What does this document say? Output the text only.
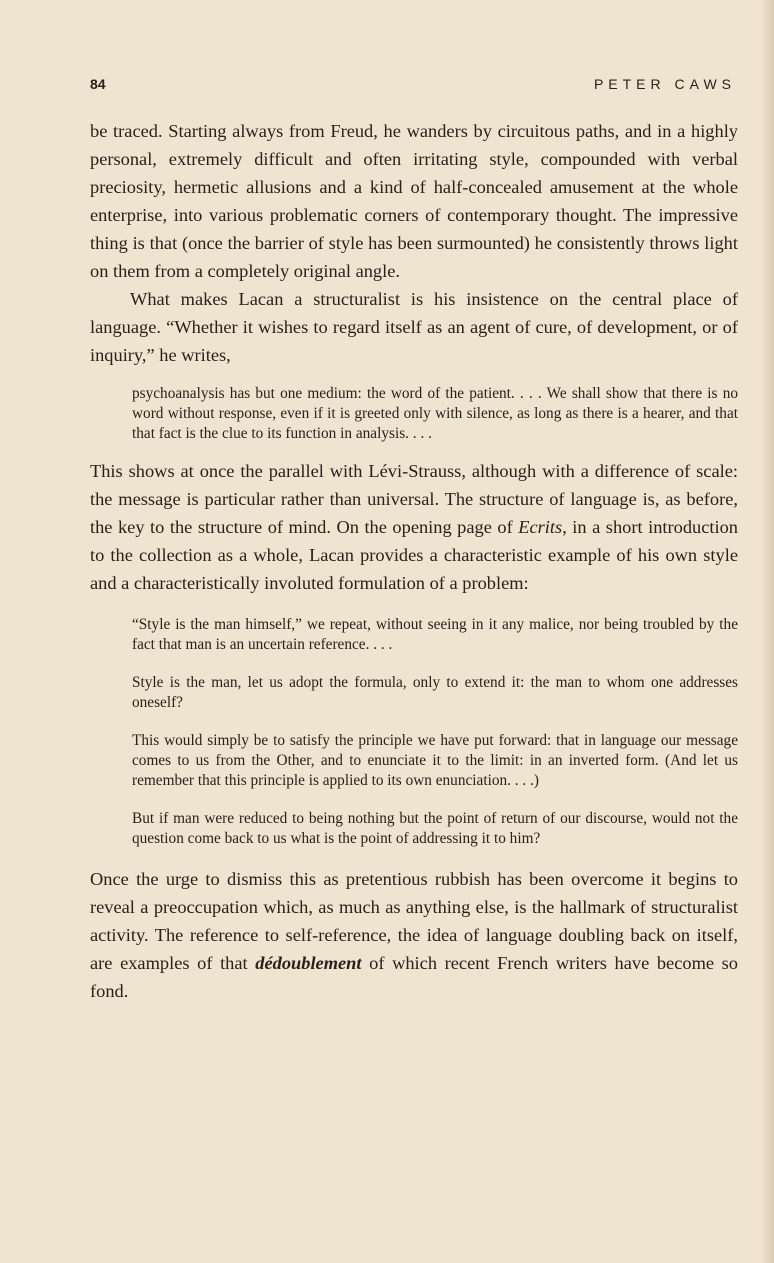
84	PETER CAWS

be traced. Starting always from Freud, he wanders by circuitous paths, and in a highly personal, extremely difficult and often irritating style, compounded with verbal preciosity, hermetic allusions and a kind of half-concealed amusement at the whole enterprise, into various problematic corners of contemporary thought. The impressive thing is that (once the barrier of style has been surmounted) he consistently throws light on them from a completely original angle.

What makes Lacan a structuralist is his insistence on the central place of language. “Whether it wishes to regard itself as an agent of cure, of development, or of inquiry,” he writes,

psychoanalysis has but one medium: the word of the patient. . . . We shall show that there is no word without response, even if it is greeted only with silence, as long as there is a hearer, and that that fact is the clue to its function in analysis. . . .

This shows at once the parallel with Lévi-Strauss, although with a difference of scale: the message is particular rather than universal. The structure of language is, as before, the key to the structure of mind. On the opening page of Ecrits, in a short introduction to the collection as a whole, Lacan provides a characteristic example of his own style and a characteristically involuted formulation of a problem:

“Style is the man himself,” we repeat, without seeing in it any malice, nor being troubled by the fact that man is an uncertain reference. . . .

Style is the man, let us adopt the formula, only to extend it: the man to whom one addresses oneself?

This would simply be to satisfy the principle we have put forward: that in language our message comes to us from the Other, and to enunciate it to the limit: in an inverted form. (And let us remember that this principle is applied to its own enunciation. . . .)

But if man were reduced to being nothing but the point of return of our discourse, would not the question come back to us what is the point of addressing it to him?

Once the urge to dismiss this as pretentious rubbish has been overcome it begins to reveal a preoccupation which, as much as anything else, is the hallmark of structuralist activity. The reference to self-reference, the idea of language doubling back on itself, are examples of that dédoublement of which recent French writers have become so fond.
